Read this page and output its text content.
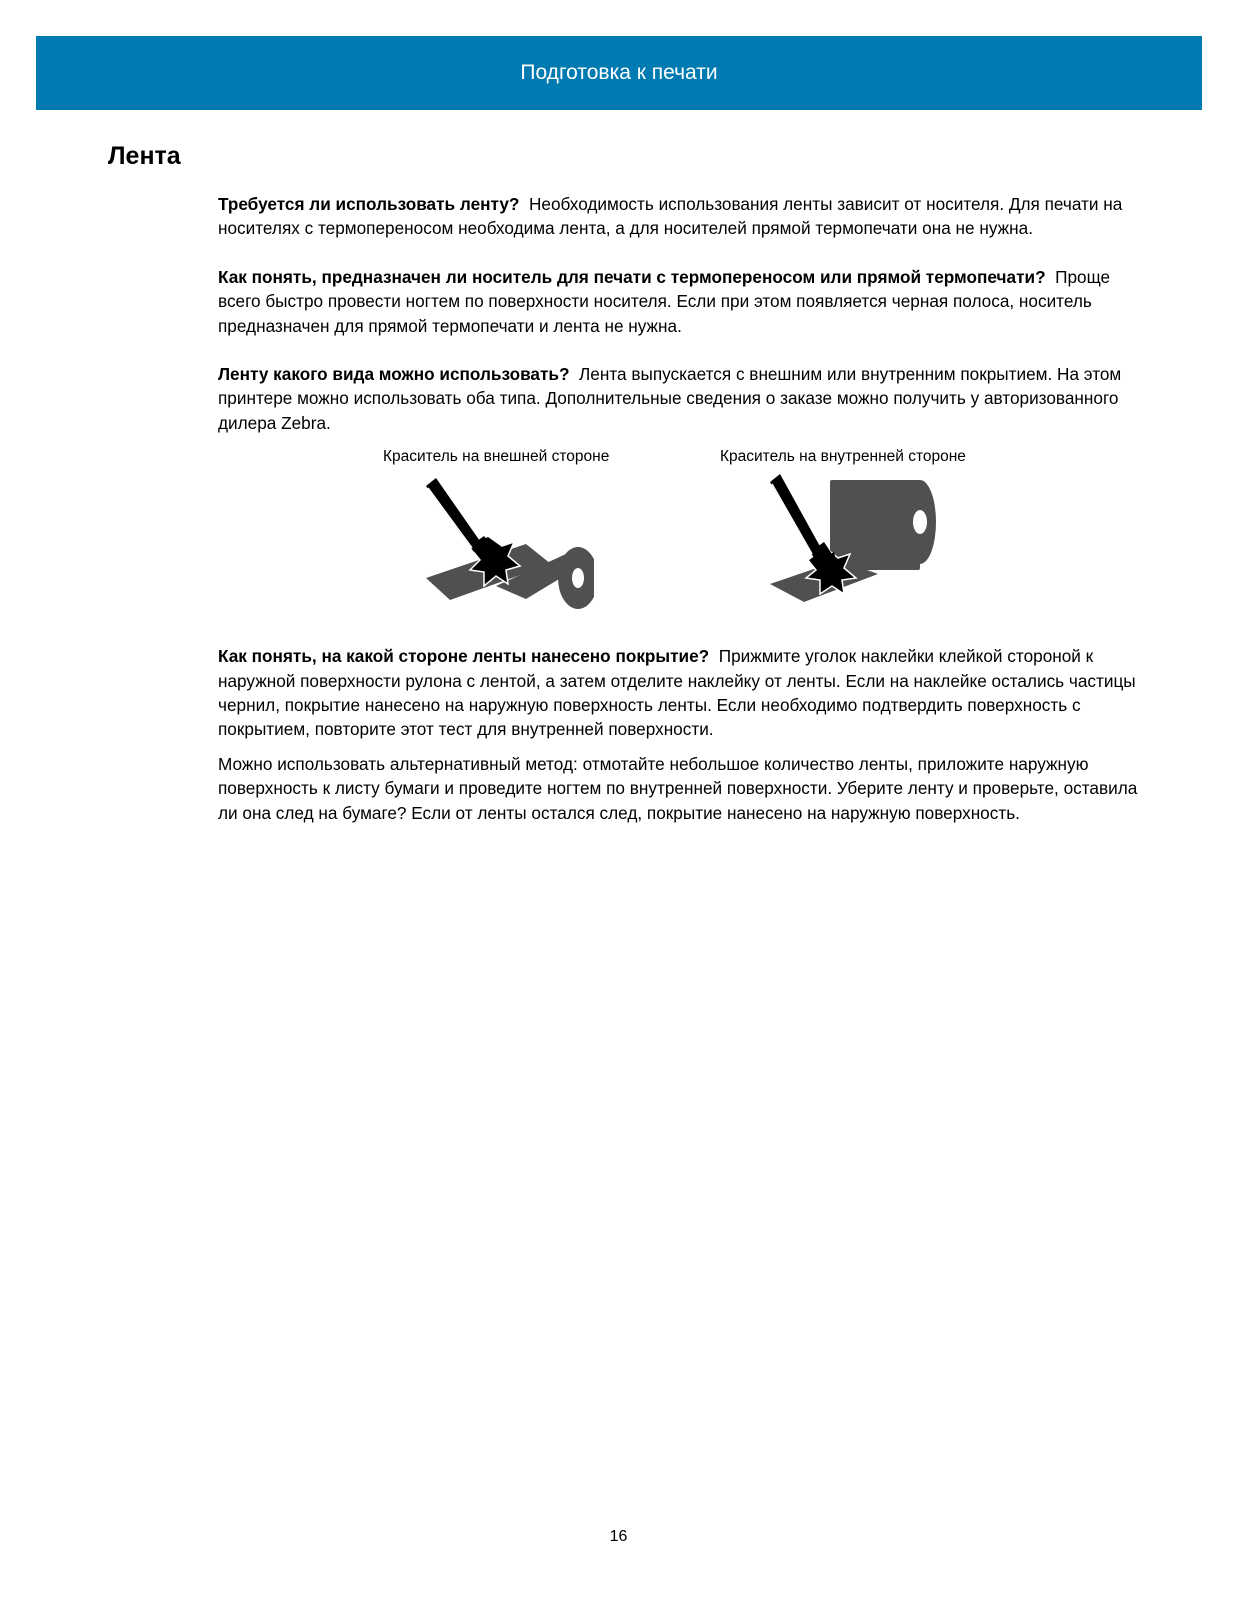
Подготовка к печати
Лента

Требуется ли использовать ленту? Необходимость использования ленты зависит от носителя. Для печати на носителях с термопереносом необходима лента, а для носителей прямой термопечати она не нужна.

Как понять, предназначен ли носитель для печати с термопереносом или прямой термопечати? Проще всего быстро провести ногтем по поверхности носителя. Если при этом появляется черная полоса, носитель предназначен для прямой термопечати и лента не нужна.

Ленту какого вида можно использовать? Лента выпускается с внешним или внутренним покрытием. На этом принтере можно использовать оба типа. Дополнительные сведения о заказе можно получить у авторизованного дилера Zebra.

Краситель на внешней стороне	Краситель на внутренней стороне

Как понять, на какой стороне ленты нанесено покрытие? Прижмите уголок наклейки клейкой стороной к наружной поверхности рулона с лентой, а затем отделите наклейку от ленты. Если на наклейке остались частицы чернил, покрытие нанесено на наружную поверхность ленты. Если необходимо подтвердить поверхность с покрытием, повторите этот тест для внутренней поверхности.

Можно использовать альтернативный метод: отмотайте небольшое количество ленты, приложите наружную поверхность к листу бумаги и проведите ногтем по внутренней поверхности. Уберите ленту и проверьте, оставила ли она след на бумаге? Если от ленты остался след, покрытие нанесено на наружную поверхность.

16
